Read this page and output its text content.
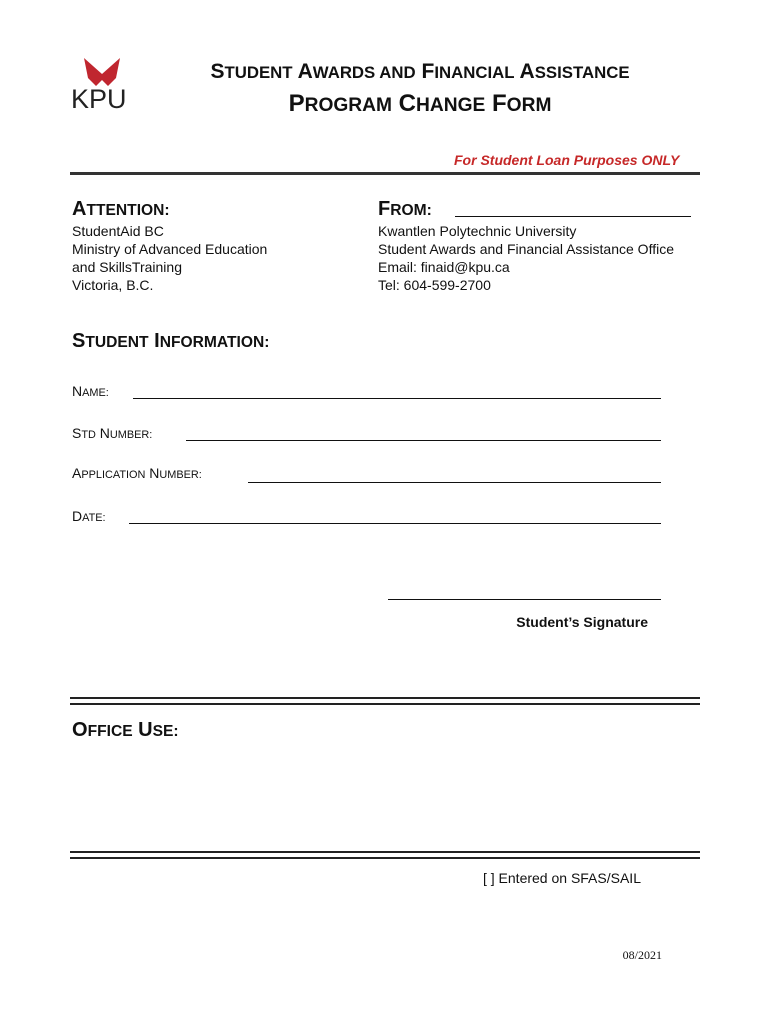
KPU
STUDENT AWARDS AND FINANCIAL ASSISTANCE
PROGRAM CHANGE FORM
For Student Loan Purposes ONLY
ATTENTION:
StudentAid BC
Ministry of Advanced Education
and SkillsTraining
Victoria, B.C.
FROM:
Kwantlen Polytechnic University
Student Awards and Financial Assistance Office
Email: finaid@kpu.ca
Tel: 604-599-2700
STUDENT INFORMATION:
NAME:
STD NUMBER:
APPLICATION NUMBER:
DATE:
Student’s Signature
OFFICE USE:
[ ] Entered on SFAS/SAIL
08/2021
